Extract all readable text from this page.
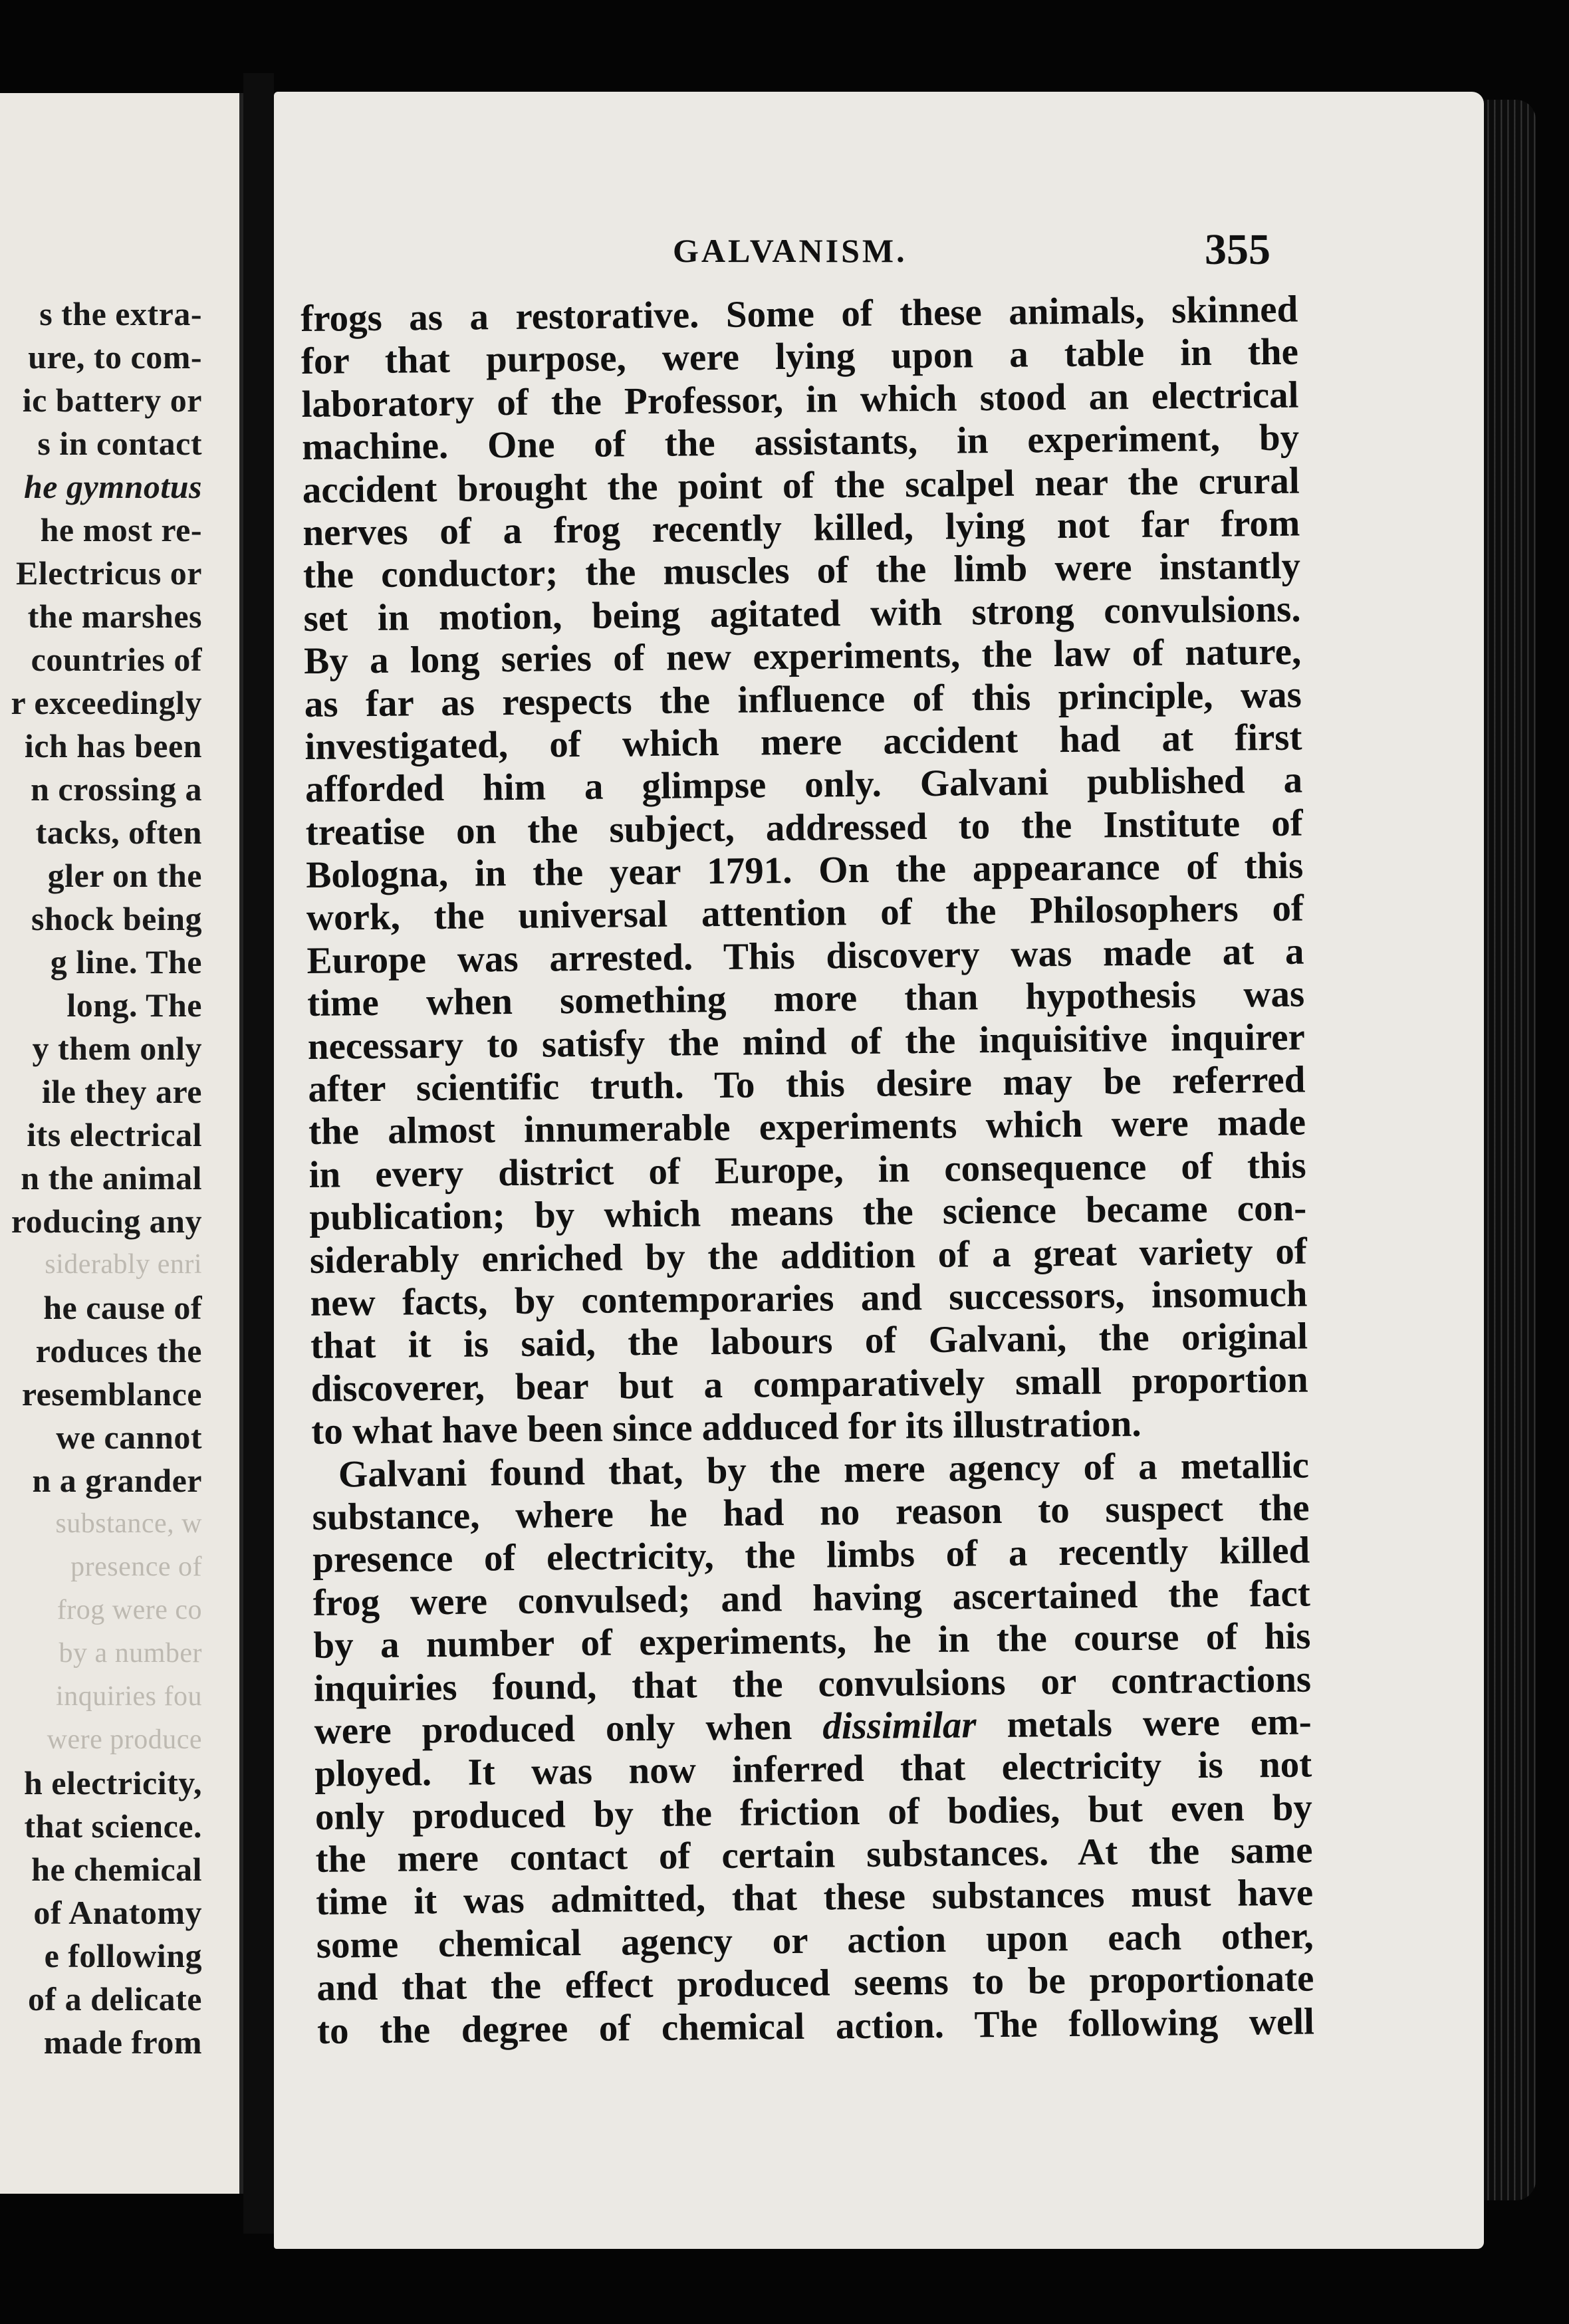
s the extra-
ure, to com-
ic battery or
s in contact
he gymnotus
he most re-
Electricus or
the marshes
countries of
r exceedingly
ich has been
n crossing a
tacks, often
gler on the
shock being
g line. The
long. The
y them only
ile they are
its electrical
n the animal
roducing any
siderably enri
he cause of
roduces the
resemblance
we cannot
n a grander
substance, w
presence of
frog were co
by a number
inquiries fou
were produce
h electricity,
that science.
he chemical
of Anatomy
e following
of a delicate
made from
GALVANISM.	355
frogs as a restorative. Some of these animals, skinned
for that purpose, were lying upon a table in the
laboratory of the Professor, in which stood an electrical
machine. One of the assistants, in experiment, by
accident brought the point of the scalpel near the crural
nerves of a frog recently killed, lying not far from
the conductor; the muscles of the limb were instantly
set in motion, being agitated with strong convulsions.
By a long series of new experiments, the law of nature,
as far as respects the influence of this principle, was
investigated, of which mere accident had at first
afforded him a glimpse only. Galvani published a
treatise on the subject, addressed to the Institute of
Bologna, in the year 1791. On the appearance of this
work, the universal attention of the Philosophers of
Europe was arrested. This discovery was made at a
time when something more than hypothesis was
necessary to satisfy the mind of the inquisitive inquirer
after scientific truth. To this desire may be referred
the almost innumerable experiments which were made
in every district of Europe, in consequence of this
publication; by which means the science became con-
siderably enriched by the addition of a great variety of
new facts, by contemporaries and successors, insomuch
that it is said, the labours of Galvani, the original
discoverer, bear but a comparatively small proportion
to what have been since adduced for its illustration.
Galvani found that, by the mere agency of a metallic
substance, where he had no reason to suspect the
presence of electricity, the limbs of a recently killed
frog were convulsed; and having ascertained the fact
by a number of experiments, he in the course of his
inquiries found, that the convulsions or contractions
were produced only when dissimilar metals were em-
ployed. It was now inferred that electricity is not
only produced by the friction of bodies, but even by
the mere contact of certain substances. At the same
time it was admitted, that these substances must have
some chemical agency or action upon each other,
and that the effect produced seems to be proportionate
to the degree of chemical action. The following well
